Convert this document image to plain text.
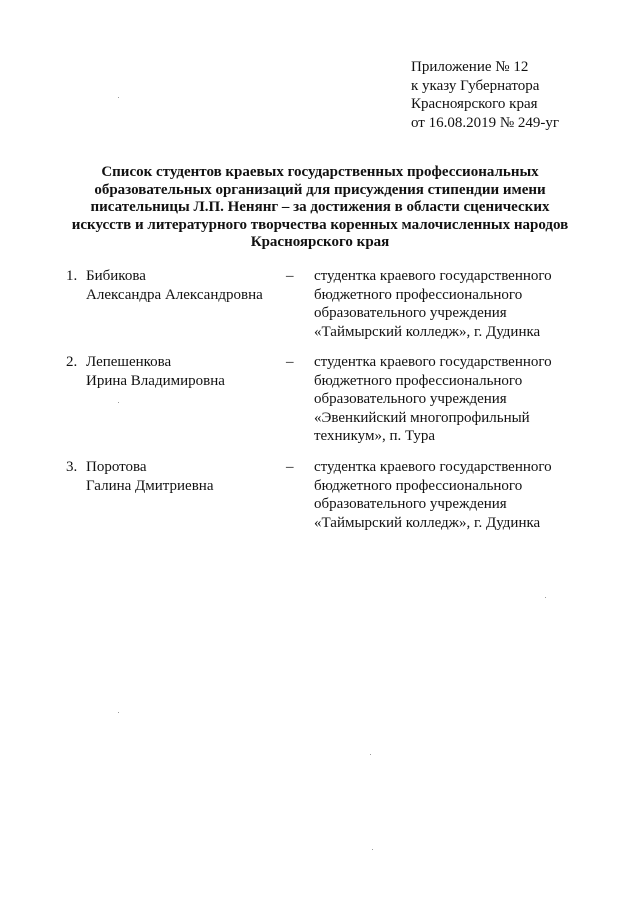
Приложение № 12
к указу Губернатора
Красноярского края
от 16.08.2019 № 249-уг
Список студентов краевых государственных профессиональных
образовательных организаций для присуждения стипендии имени
писательницы Л.П. Ненянг – за достижения в области сценических
искусств и литературного творчества коренных малочисленных народов
Красноярского края
1. Бибикова
Александра Александровна
– студентка краевого государственного
бюджетного профессионального
образовательного учреждения
«Таймырский колледж», г. Дудинка
2. Лепешенкова
Ирина Владимировна
– студентка краевого государственного
бюджетного профессионального
образовательного учреждения
«Эвенкийский многопрофильный
техникум», п. Тура
3. Поротова
Галина Дмитриевна
– студентка краевого государственного
бюджетного профессионального
образовательного учреждения
«Таймырский колледж», г. Дудинка
